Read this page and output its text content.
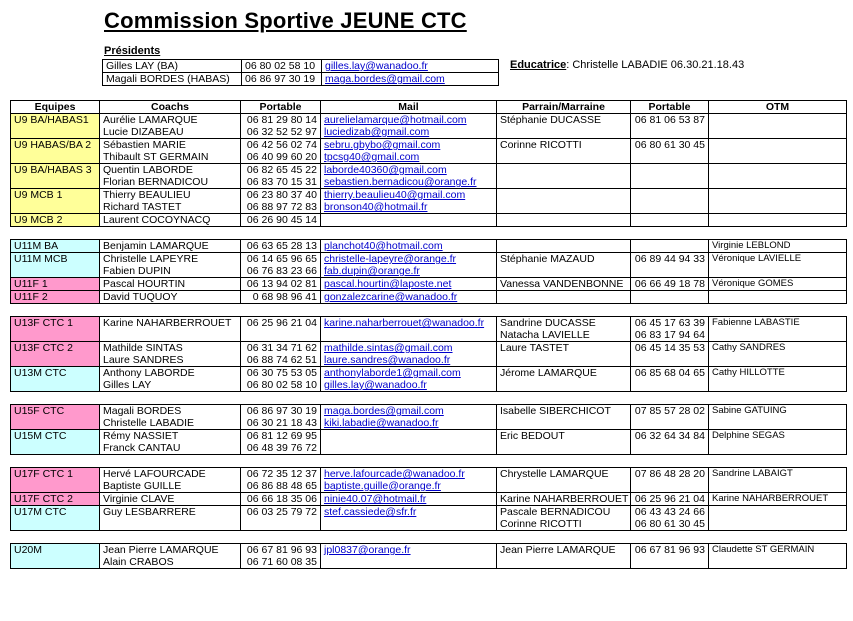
Commission Sportive JEUNE CTC
Présidents
Gilles LAY (BA)	06 80 02 58 10	gilles.lay@wanadoo.fr
Magali BORDES (HABAS)	06 86 97 30 19	maga.bordes@gmail.com
Educatrice: Christelle LABADIE 06.30.21.18.43
Equipes	Coachs	Portable	Mail	Parrain/Marraine	Portable	OTM
U9 BA/HABAS1	Aurélie LAMARQUE	06 81 29 80 14	aurelielamarque@hotmail.com	Stéphanie DUCASSE	06 81 06 53 87	
	Lucie DIZABEAU	06 32 52 52 97	luciedizab@gmail.com			
U9 HABAS/BA 2	Sébastien MARIE	06 42 56 02 74	sebru.gbybo@gmail.com	Corinne RICOTTI	06 80 61 30 45	
	Thibault ST GERMAIN	06 40 99 60 20	tpcsg40@gmail.com			
U9 BA/HABAS 3	Quentin LABORDE	06 82 65 45 22	laborde40360@gmail.com			
	Florian BERNADICOU	06 83 70 15 31	sebastien.bernadicou@orange.fr			
U9 MCB 1	Thierry BEAULIEU	06 23 80 37 40	thierry.beaulieu40@gmail.com			
	Richard TASTET	06 88 97 72 83	bronson40@hotmail.fr			
U9 MCB 2	Laurent COCOYNACQ	06 26 90 45 14				

U11M BA	Benjamin LAMARQUE	06 63 65 28 13	planchot40@hotmail.com			Virginie LEBLOND
U11M MCB	Christelle LAPEYRE	06 14 65 96 65	christelle-lapeyre@orange.fr	Stéphanie MAZAUD	06 89 44 94 33	Véronique LAVIELLE
	Fabien DUPIN	06 76 83 23 66	fab.dupin@orange.fr			
U11F 1	Pascal HOURTIN	06 13 94 02 81	pascal.hourtin@laposte.net	Vanessa VANDENBONNE	06 66 49 18 78	Véronique GOMES
U11F 2	David TUQUOY	0 68 98 96 41	gonzalezcarine@wanadoo.fr			

U13F CTC 1	Karine NAHARBERROUET	06 25 96 21 04	karine.naharberrouet@wanadoo.fr	Sandrine DUCASSE	06 45 17 63 39	Fabienne LABASTIE
				Natacha LAVIELLE	06 83 17 94 64	
U13F CTC 2	Mathilde SINTAS	06 31 34 71 62	mathilde.sintas@gmail.com	Laure TASTET	06 45 14 35 53	Cathy SANDRES
	Laure SANDRES	06 88 74 62 51	laure.sandres@wanadoo.fr			
U13M CTC	Anthony LABORDE	06 30 75 53 05	anthonylaborde1@gmail.com	Jérome LAMARQUE	06 85 68 04 65	Cathy HILLOTTE
	Gilles LAY	06 80 02 58 10	gilles.lay@wanadoo.fr			

U15F CTC	Magali BORDES	06 86 97 30 19	maga.bordes@gmail.com	Isabelle SIBERCHICOT	07 85 57 28 02	Sabine GATUING
	Christelle LABADIE	06 30 21 18 43	kiki.labadie@wanadoo.fr			
U15M CTC	Rémy NASSIET	06 81 12 69 95		Eric BEDOUT	06 32 64 34 84	Delphine SEGAS
	Franck CANTAU	06 48 39 76 72				

U17F CTC 1	Hervé LAFOURCADE	06 72 35 12 37	herve.lafourcade@wanadoo.fr	Chrystelle LAMARQUE	07 86 48 28 20	Sandrine LABAIGT
	Baptiste GUILLE	06 86 88 48 65	baptiste.guille@orange.fr			
U17F CTC 2	Virginie CLAVE	06 66 18 35 06	ninie40.07@hotmail.fr	Karine NAHARBERROUET	06 25 96 21 04	Karine NAHARBERROUET
U17M CTC	Guy LESBARRERE	06 03 25 79 72	stef.cassiede@sfr.fr	Pascale BERNADICOU	06 43 43 24 66	
				Corinne RICOTTI	06 80 61 30 45	

U20M	Jean Pierre LAMARQUE	06 67 81 96 93	jpl0837@orange.fr	Jean Pierre LAMARQUE	06 67 81 96 93	Claudette ST GERMAIN
	Alain CRABOS	06 71 60 08 35				
